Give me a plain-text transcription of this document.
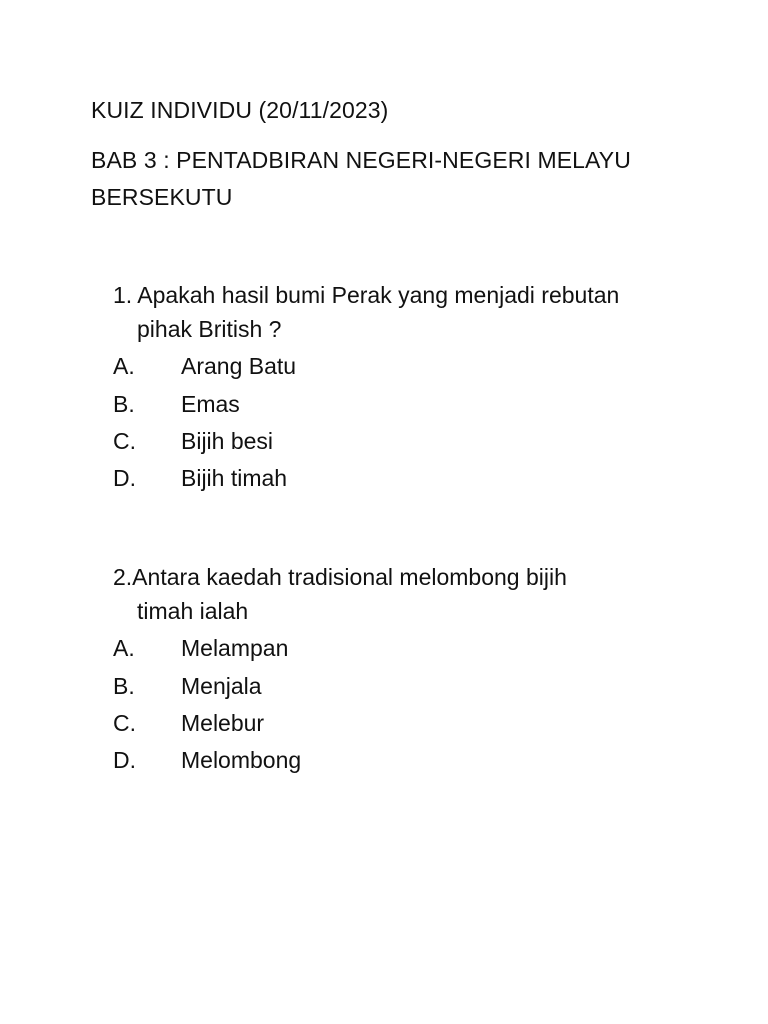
KUIZ INDIVIDU (20/11/2023)
BAB 3 : PENTADBIRAN NEGERI-NEGERI MELAYU
BERSEKUTU
1. Apakah hasil bumi Perak yang menjadi rebutan
pihak British ?
A. Arang Batu
B. Emas
C. Bijih besi
D. Bijih timah
2.Antara kaedah tradisional melombong bijih
timah ialah
A. Melampan
B. Menjala
C. Melebur
D. Melombong
